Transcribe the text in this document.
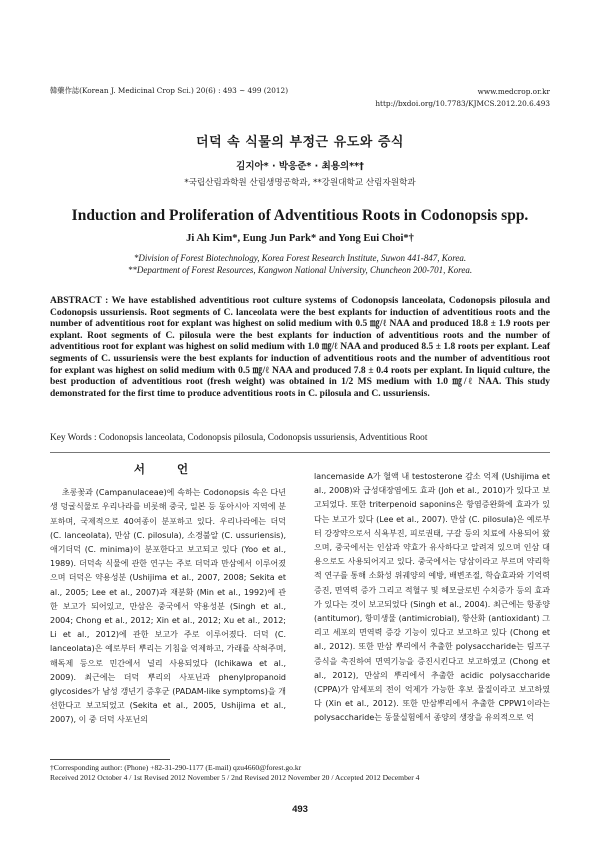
韓藥作誌(Korean J. Medicinal Crop Sci.) 20(6) : 493 ~ 499 (2012)	www.medcrop.or.kr
http://bxdoi.org/10.7783/KJMCS.2012.20.6.493
더덕 속 식물의 부정근 유도와 증식
김지아* · 박응준* · 최용의**†
*국립산림과학원 산림생명공학과, **강원대학교 산림자원학과
Induction and Proliferation of Adventitious Roots in Codonopsis spp.
Ji Ah Kim*, Eung Jun Park* and Yong Eui Choi*†
*Division of Forest Biotechnology, Korea Forest Research Institute, Suwon 441-847, Korea.
**Department of Forest Resources, Kangwon National University, Chuncheon 200-701, Korea.
ABSTRACT : We have established adventitious root culture systems of Codonopsis lanceolata, Codonopsis pilosula and Codonopsis ussuriensis. Root segments of C. lanceolata were the best explants for induction of adventitious roots and the number of adventitious root for explant was highest on solid medium with 0.5 ㎎/ℓ NAA and produced 18.8 ± 1.9 roots per explant. Root segments of C. pilosula were the best explants for induction of adventitious roots and the number of adventitious root for explant was highest on solid medium with 1.0 ㎎/ℓ NAA and produced 8.5 ± 1.8 roots per explant. Leaf segments of C. ussuriensis were the best explants for induction of adventitious roots and the number of adventitious root for explant was highest on solid medium with 0.5 ㎎/ℓ NAA and produced 7.8 ± 0.4 roots per explant. In liquid culture, the best production of adventitious root (fresh weight) was obtained in 1/2 MS medium with 1.0 ㎎/ℓ NAA. This study demonstrated for the first time to produce adventitious roots in C. pilosula and C. ussuriensis.
Key Words : Codonopsis lanceolata, Codonopsis pilosula, Codonopsis ussuriensis, Adventitious Root
서 언

초롱꽃과 (Campanulaceae)에 속하는 Codonopsis 속은 다년생 덩굴식물로 우리나라를 비롯해 중국, 일본 등 동아시아 지역에 분포하며, 국제적으로 40여종이 분포하고 있다. 우리나라에는 더덕 (C. lanceolata), 만삼 (C. pilosula), 소경불알 (C. ussuriensis), 애기더덕 (C. minima)이 분포한다고 보고되고 있다 (Yoo et al., 1989). 더덕속 식물에 관한 연구는 주로 더덕과 만삼에서 이루어졌으며 더덕은 약용성분 (Ushijima et al., 2007, 2008; Sekita et al., 2005; Lee et al., 2007)과 재분화 (Min et al., 1992)에 관한 보고가 되어있고, 만삼은 중국에서 약용성분 (Singh et al., 2004; Chong et al., 2012; Xin et al., 2012; Xu et al., 2012; Li et al., 2012)에 관한 보고가 주로 이루어졌다. 더덕 (C. lanceolata)은 예로부터 뿌리는 기침을 억제하고, 가래를 삭혀주며, 해독제 등으로 민간에서 널리 사용되었다 (Ichikawa et al., 2009). 최근에는 더덕 뿌리의 사포닌과 phenylpropanoid glycosides가 남성 갱년기 증후군 (PADAM-like symptoms)을 개선한다고 보고되었고 (Sekita et al., 2005, Ushijima et al., 2007), 이 중 더덕 사포닌의

lancemaside A가 혈액 내 testosterone 감소 억제 (Ushijima et al., 2008)와 급성대장염에도 효과 (Joh et al., 2010)가 있다고 보고되었다. 또한 triterpenoid saponins은 항염증완화에 효과가 있다는 보고가 있다 (Lee et al., 2007). 만삼 (C. pilosula)은 예로부터 강장약으로서 식욕부진, 피로권태, 구갈 등의 치료에 사용되어 왔으며, 중국에서는 인삼과 약효가 유사하다고 알려져 있으며 인삼 대용으로도 사용되어지고 있다. 중국에서는 당삼이라고 부르며 약리학적 연구를 통해 소화성 위궤양의 예방, 배변조절, 학습효과와 기억력증진, 면역력 증가 그리고 적혈구 및 헤모글로빈 수치증가 등의 효과가 있다는 것이 보고되었다 (Singh et al., 2004). 최근에는 항종양 (antitumor), 항미생물 (antimicrobial), 항산화 (antioxidant) 그리고 세포의 면역력 증강 기능이 있다고 보고하고 있다 (Chong et al., 2012). 또한 만삼 뿌리에서 추출한 polysaccharide는 림프구 증식을 촉진하여 면역기능을 증진시킨다고 보고하였고 (Chong et al., 2012), 만삼의 뿌리에서 추출한 acidic polysaccharide (CPPA)가 암세포의 전이 억제가 가능한 후보 물질이라고 보고하였다 (Xin et al., 2012). 또한 만삼뿌리에서 추출한 CPPW1이라는 polysaccharide는 동물실험에서 종양의 생장을 유의적으로 억

†Corresponding author: (Phone) +82-31-290-1177 (E-mail) qzu4660@forest.go.kr
Received 2012 October 4 / 1st Revised 2012 November 5 / 2nd Revised 2012 November 20 / Accepted 2012 December 4
493
